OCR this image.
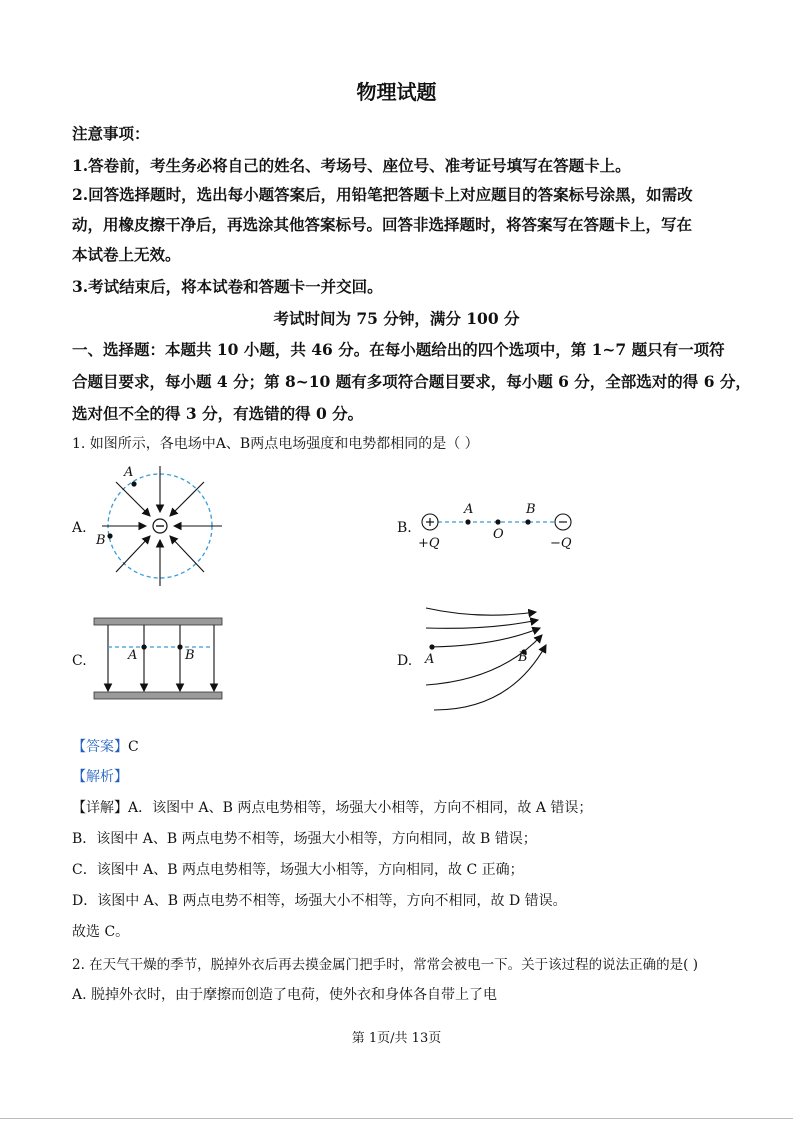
物理试题
注意事项：
1.答卷前，考生务必将自己的姓名、考场号、座位号、准考证号填写在答题卡上。
2.回答选择题时，选出每小题答案后，用铅笔把答题卡上对应题目的答案标号涂黑，如需改
动，用橡皮擦干净后，再选涂其他答案标号。回答非选择题时，将答案写在答题卡上，写在
本试卷上无效。
3.考试结束后，将本试卷和答题卡一并交回。
考试时间为 75 分钟，满分 100 分
一、选择题：本题共 10 小题，共 46 分。在每小题给出的四个选项中，第 1~7 题只有一项符
合题目要求，每小题 4 分；第 8~10 题有多项符合题目要求，每小题 6 分，全部选对的得 6 分，
选对但不全的得 3 分，有选错的得 0 分。
1. 如图所示，各电场中A、B两点电场强度和电势都相同的是（ ）
A.
A
B
B.
A	B
O
+Q	−Q
C.	A	B	D. A	B
【答案】C
【解析】
【详解】A．该图中 A、B 两点电势相等，场强大小相等，方向不相同，故 A 错误；
B．该图中 A、B 两点电势不相等，场强大小相等，方向相同，故 B 错误；
C．该图中 A、B 两点电势相等，场强大小相等，方向相同，故 C 正确；
D．该图中 A、B 两点电势不相等，场强大小不相等，方向不相同，故 D 错误。
故选 C。
2. 在天气干燥的季节，脱掉外衣后再去摸金属门把手时，常常会被电一下。关于该过程的说法正确的是( )
A. 脱掉外衣时，由于摩擦而创造了电荷，使外衣和身体各自带上了电
第 1页/共 13页
